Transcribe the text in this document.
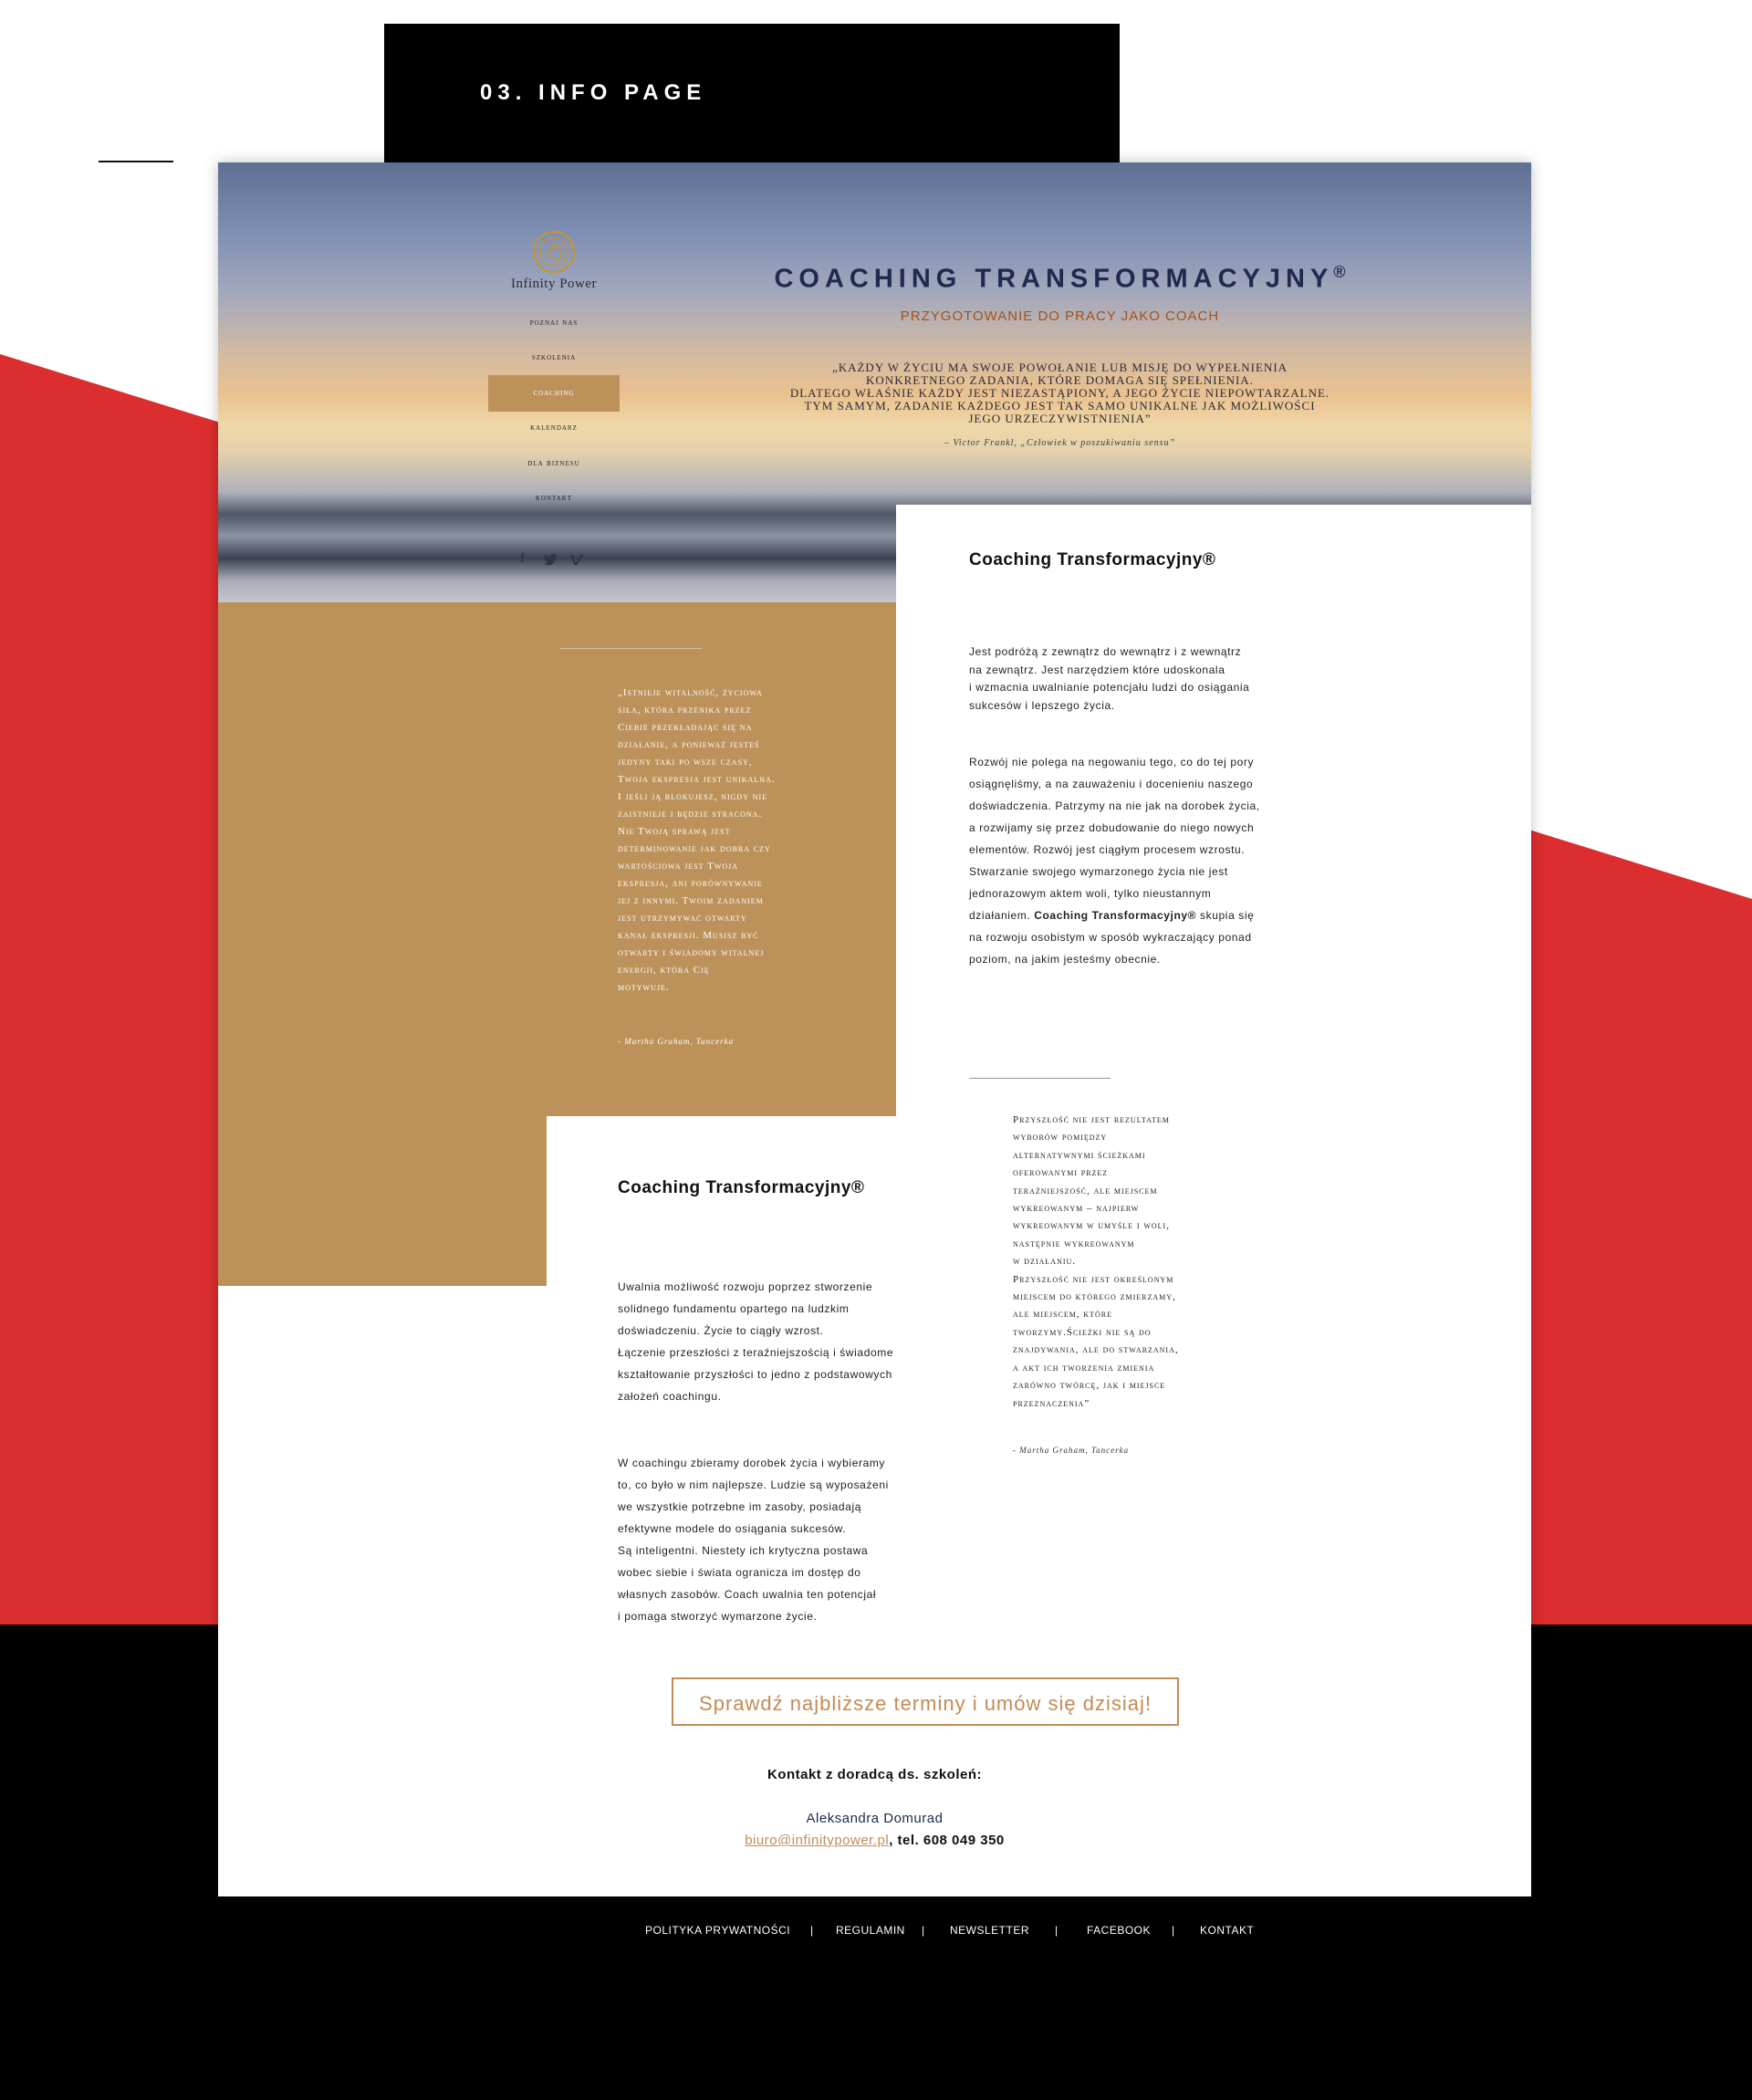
03. INFO PAGE
Infinity Power
poznaj nas
szkolenia
coaching
kalendarz
dla biznesu
kontakt
f
COACHING TRANSFORMACYJNY®
PRZYGOTOWANIE DO PRACY JAKO COACH
„KAŻDY W ŻYCIU MA SWOJE POWOŁANIE LUB MISJĘ DO WYPEŁNIENIA
KONKRETNEGO ZADANIA, KTÓRE DOMAGA SIĘ SPEŁNIENIA.
DLATEGO WŁAŚNIE KAŻDY JEST NIEZASTĄPIONY, A JEGO ŻYCIE NIEPOWTARZALNE.
TYM SAMYM, ZADANIE KAŻDEGO JEST TAK SAMO UNIKALNE JAK MOŻLIWOŚCI
JEGO URZECZYWISTNIENIA”
– Victor Frankl, „Człowiek w poszukiwaniu sensu”
„Istnieje witalność, życiowa
siła, która przenika przez
Ciebie przekładając się na
działanie, a ponieważ jesteś
jedyny taki po wsze czasy,
Twoja ekspresja jest unikalna.
I jeśli ją blokujesz, nigdy nie
zaistnieje i będzie stracona.
Nie Twoją sprawą jest
determinowanie jak dobra czy
wartościowa jest Twoja
ekspresja, ani porównywanie
jej z innymi. Twoim zadaniem
jest utrzymywać otwarty
kanał ekspresji. Musisz być
otwarty i świadomy witalnej
energii, która Cię
motywuje.
- Martha Graham, Tancerka
Coaching Transformacyjny®
Jest podróżą z zewnątrz do wewnątrz i z wewnątrz
na zewnątrz. Jest narzędziem które udoskonala
i wzmacnia uwalnianie potencjału ludzi do osiągania
sukcesów i lepszego życia.
Rozwój nie polega na negowaniu tego, co do tej pory
osiągnęliśmy, a na zauważeniu i docenieniu naszego
doświadczenia. Patrzymy na nie jak na dorobek życia,
a rozwijamy się przez dobudowanie do niego nowych
elementów. Rozwój jest ciągłym procesem wzrostu.
Stwarzanie swojego wymarzonego życia nie jest
jednorazowym aktem woli, tylko nieustannym
działaniem. Coaching Transformacyjny® skupia się
na rozwoju osobistym w sposób wykraczający ponad
poziom, na jakim jesteśmy obecnie.
Przyszłość nie jest rezultatem
wyborów pomiędzy
alternatywnymi ścieżkami
oferowanymi przez
teraźniejszość, ale miejscem
wykreowanym – najpierw
wykreowanym w umyśle i woli,
następnie wykreowanym
w działaniu.
Przyszłość nie jest określonym
miejscem do którego zmierzamy,
ale miejscem, które
tworzymy.Ścieżki nie są do
znajdywania, ale do stwarzania,
a akt ich tworzenia zmienia
zarówno twórcę, jak i miejsce
przeznaczenia”
- Martha Graham, Tancerka
Coaching Transformacyjny®
Uwalnia możliwość rozwoju poprzez stworzenie
solidnego fundamentu opartego na ludzkim
doświadczeniu. Życie to ciągły wzrost.
Łączenie przeszłości z teraźniejszością i świadome
kształtowanie przyszłości to jedno z podstawowych
założeń coachingu.
W coachingu zbieramy dorobek życia i wybieramy
to, co było w nim najlepsze. Ludzie są wyposażeni
we wszystkie potrzebne im zasoby, posiadają
efektywne modele do osiągania sukcesów.
Są inteligentni. Niestety ich krytyczna postawa
wobec siebie i świata ogranicza im dostęp do
własnych zasobów. Coach uwalnia ten potencjał
i pomaga stworzyć wymarzone życie.
Sprawdź najbliższe terminy i umów się dzisiaj!
Kontakt z doradcą ds. szkoleń:
Aleksandra Domurad
biuro@infinitypower.pl, tel. 608 049 350
POLITYKA PRYWATNOŚCI | REGULAMIN | NEWSLETTER |	FACEBOOK | KONTAKT
